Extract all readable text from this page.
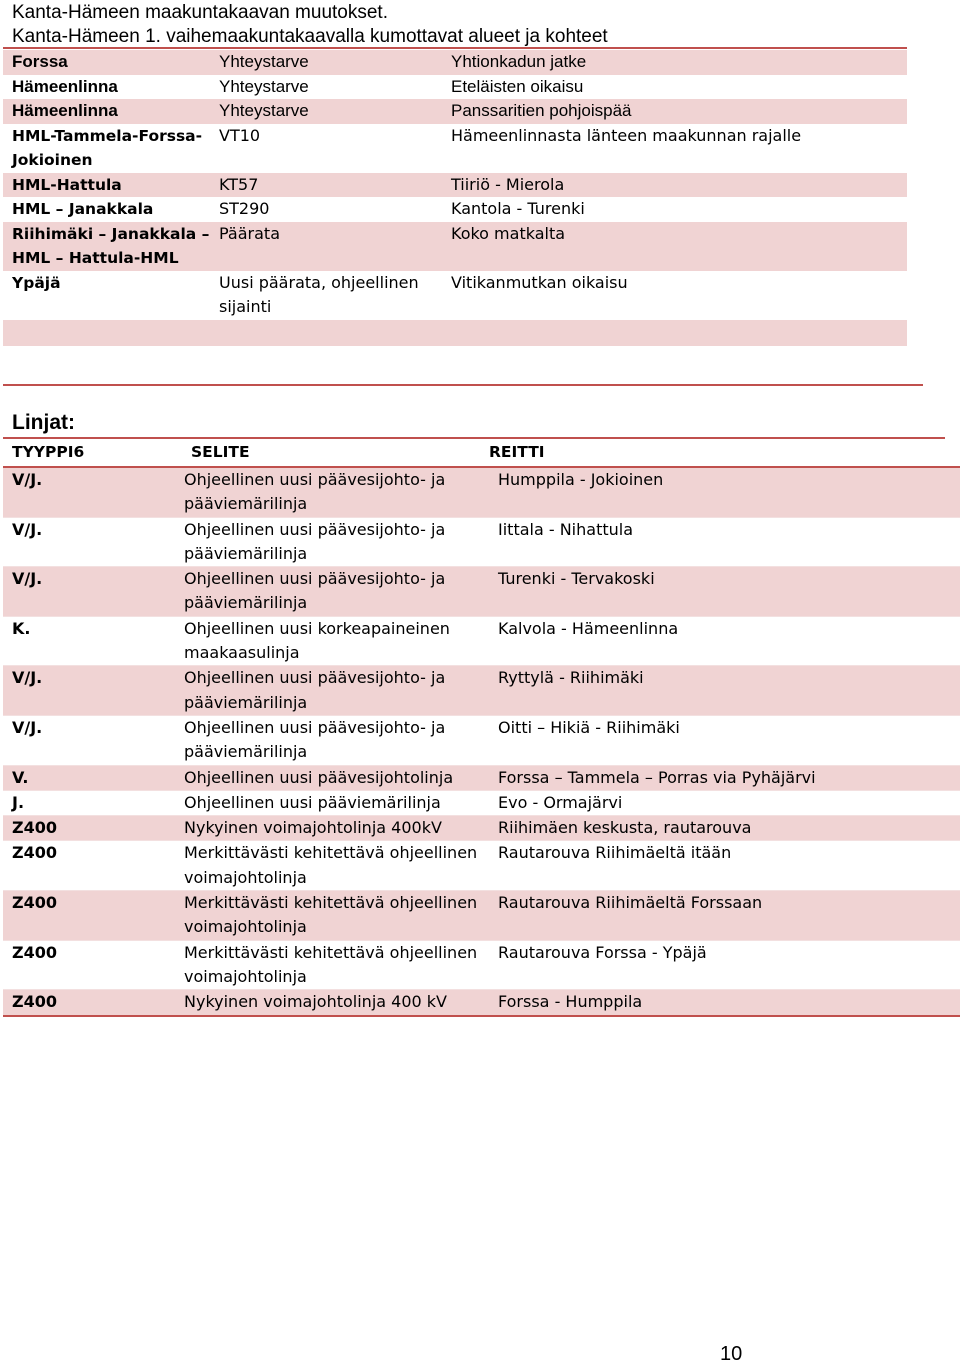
Kanta-Hämeen maakuntakaavan muutokset.
Kanta-Hämeen 1. vaihemaakuntakaavalla kumottavat alueet ja kohteet
Forssa	Yhteystarve	Yhtionkadun jatke
Hämeenlinna	Yhteystarve	Eteläisten oikaisu
Hämeenlinna	Yhteystarve	Panssaritien pohjoispää
HML-Tammela-Forssa-Jokioinen	VT10	Hämeenlinnasta länteen maakunnan rajalle
HML-Hattula	KT57	Tiiriö - Mierola
HML – Janakkala	ST290	Kantola - Turenki
Riihimäki – Janakkala – HML – Hattula-HML	Päärata	Koko matkalta
Ypäjä	Uusi päärata, ohjeellinen sijainti	Vitikanmutkan oikaisu

Linjat:
TYYPPI6	SELITE	REITTI
V/J.	Ohjeellinen uusi päävesijohto- ja pääviemärilinja	Humppila - Jokioinen
V/J.	Ohjeellinen uusi päävesijohto- ja pääviemärilinja	Iittala - Nihattula
V/J.	Ohjeellinen uusi päävesijohto- ja pääviemärilinja	Turenki - Tervakoski
K.	Ohjeellinen uusi korkeapaineinen maakaasulinja	Kalvola - Hämeenlinna
V/J.	Ohjeellinen uusi päävesijohto- ja pääviemärilinja	Ryttylä - Riihimäki
V/J.	Ohjeellinen uusi päävesijohto- ja pääviemärilinja	Oitti – Hikiä - Riihimäki
V.	Ohjeellinen uusi päävesijohtolinja	Forssa – Tammela – Porras via Pyhäjärvi
J.	Ohjeellinen uusi pääviemärilinja	Evo - Ormajärvi
Z400	Nykyinen voimajohtolinja 400kV	Riihimäen keskusta, rautarouva
Z400	Merkittävästi kehitettävä ohjeellinen voimajohtolinja	Rautarouva Riihimäeltä itään
Z400	Merkittävästi kehitettävä ohjeellinen voimajohtolinja	Rautarouva Riihimäeltä Forssaan
Z400	Merkittävästi kehitettävä ohjeellinen voimajohtolinja	Rautarouva Forssa - Ypäjä
Z400	Nykyinen voimajohtolinja 400 kV	Forssa - Humppila
10
